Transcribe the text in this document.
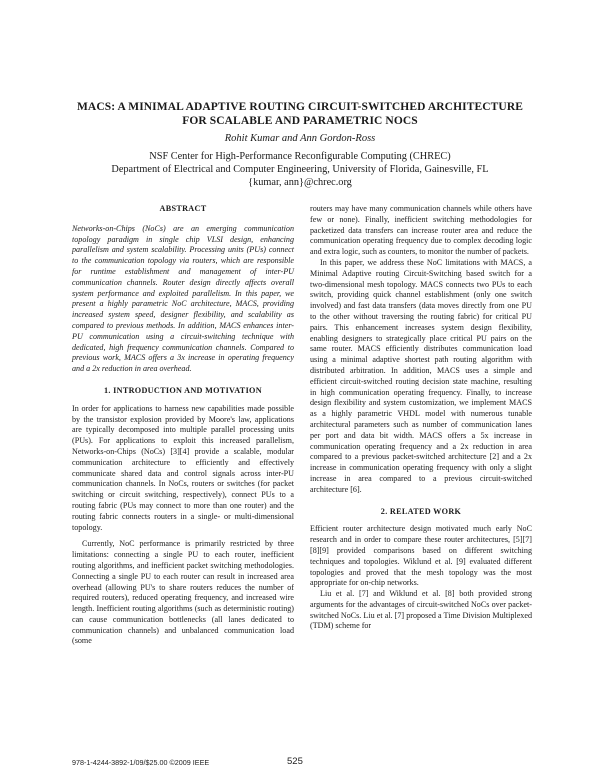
MACS: A MINIMAL ADAPTIVE ROUTING CIRCUIT-SWITCHED ARCHITECTURE
FOR SCALABLE AND PARAMETRIC NOCS
Rohit Kumar and Ann Gordon-Ross
NSF Center for High-Performance Reconfigurable Computing (CHREC)
Department of Electrical and Computer Engineering, University of Florida, Gainesville, FL
{kumar, ann}@chrec.org
ABSTRACT

Networks-on-Chips (NoCs) are an emerging communication topology paradigm in single chip VLSI design, enhancing parallelism and system scalability. Processing units (PUs) connect to the communication topology via routers, which are responsible for runtime establishment and management of inter-PU communication channels. Router design directly affects overall system performance and exploited parallelism. In this paper, we present a highly parametric NoC architecture, MACS, providing increased system speed, designer flexibility, and scalability as compared to previous methods. In addition, MACS enhances inter-PU communication using a circuit-switching technique with dedicated, high frequency communication channels. Compared to previous work, MACS offers a 3x increase in operating frequency and a 2x reduction in area overhead.

1. INTRODUCTION AND MOTIVATION

In order for applications to harness new capabilities made possible by the transistor explosion provided by Moore's law, applications are typically decomposed into multiple parallel processing units (PUs). For applications to exploit this increased parallelism, Networks-on-Chips (NoCs) [3][4] provide a scalable, modular communication architecture to efficiently and effectively communicate shared data and control signals across inter-PU communication channels. In NoCs, routers or switches (for packet switching or circuit switching, respectively), connect PUs to a routing fabric (PUs may connect to more than one router) and the routing fabric connects routers in a single- or multi-dimensional topology.

Currently, NoC performance is primarily restricted by three limitations: connecting a single PU to each router, inefficient routing algorithms, and inefficient packet switching methodologies. Connecting a single PU to each router can result in increased area overhead (allowing PU's to share routers reduces the number of required routers), reduced operating frequency, and increased wire length. Inefficient routing algorithms (such as deterministic routing) can cause communication bottlenecks (all lanes dedicated to communication channels) and unbalanced communication load (some

routers may have many communication channels while others have few or none). Finally, inefficient switching methodologies for packetized data transfers can increase router area and reduce the communication operating frequency due to complex decoding logic and extra logic, such as counters, to monitor the number of packets.

In this paper, we address these NoC limitations with MACS, a Minimal Adaptive routing Circuit-Switching based switch for a two-dimensional mesh topology. MACS connects two PUs to each switch, providing quick channel establishment (only one switch involved) and fast data transfers (data moves directly from one PU to the other without traversing the routing fabric) for critical PU pairs. This enhancement increases system design flexibility, enabling designers to strategically place critical PU pairs on the same router. MACS efficiently distributes communication load using a minimal adaptive shortest path routing algorithm with distributed arbitration. In addition, MACS uses a simple and efficient circuit-switched routing decision state machine, resulting in high communication operating frequency. Finally, to increase design flexibility and system customization, we implement MACS as a highly parametric VHDL model with numerous tunable architectural parameters such as number of communication lanes per port and data bit width. MACS offers a 5x increase in communication operating frequency and a 2x reduction in area compared to a previous packet-switched architecture [2] and a 2x increase in communication operating frequency with only a slight increase in area compared to a previous circuit-switched architecture [6].

2. RELATED WORK

Efficient router architecture design motivated much early NoC research and in order to compare these router architectures, [5][7][8][9] provided comparisons based on different switching techniques and topologies. Wiklund et al. [9] evaluated different topologies and proved that the mesh topology was the most appropriate for on-chip networks.

Liu et al. [7] and Wiklund et al. [8] both provided strong arguments for the advantages of circuit-switched NoCs over packet-switched NoCs. Liu et al. [7] proposed a Time Division Multiplexed (TDM) scheme for

978-1-4244-3892-1/09/$25.00 ©2009 IEEE	525
